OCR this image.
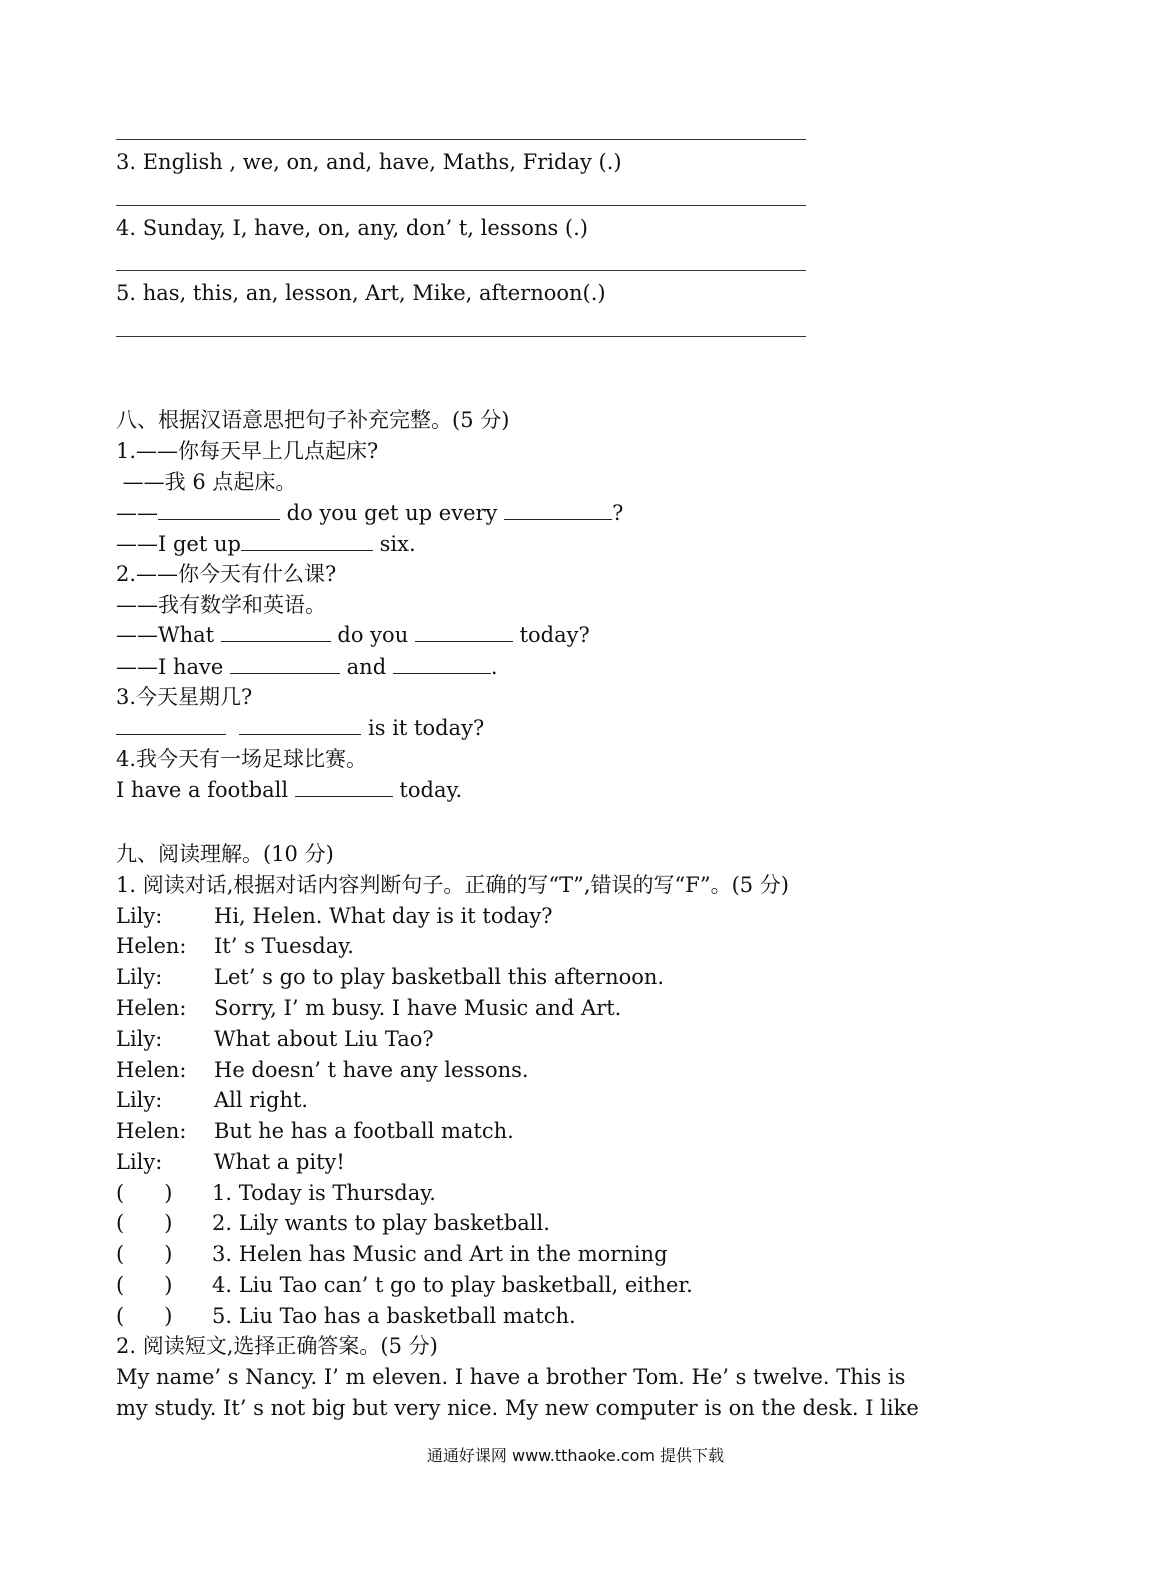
3. English , we, on, and, have, Maths, Friday (.)
4. Sunday, I, have, on, any, don’ t, lessons (.)
5. has, this, an, lesson, Art, Mike, afternoon(.)
八、根据汉语意思把句子补充完整。(5 分)
1.——你每天早上几点起床?
——我 6 点起床。
——	do you get up every	?
——I get up	six.
2.——你今天有什么课?
——我有数学和英语。
——What	do you	today?
——I have	and	.
3.今天星期几?
is it today?
4.我今天有一场足球比赛。
I have a football	today.
九、阅读理解。(10 分)
1. 阅读对话,根据对话内容判断句子。正确的写“T”,错误的写“F”。(5 分)
Lily: Hi, Helen. What day is it today?
Helen: It’ s Tuesday.
Lily: Let’ s go to play basketball this afternoon.
Helen: Sorry, I’ m busy. I have Music and Art.
Lily: What about Liu Tao?
Helen: He doesn’ t have any lessons.
Lily: All right.
Helen: But he has a football match.
Lily: What a pity!
(      ) 1. Today is Thursday.
(      ) 2. Lily wants to play basketball.
(      ) 3. Helen has Music and Art in the morning
(      ) 4. Liu Tao can’ t go to play basketball, either.
(      ) 5. Liu Tao has a basketball match.
2. 阅读短文,选择正确答案。(5 分)
My name’ s Nancy. I’ m eleven. I have a brother Tom. He’ s twelve. This is
my study. It’ s not big but very nice. My new computer is on the desk. I like
通通好课网 www.tthaoke.com 提供下载
